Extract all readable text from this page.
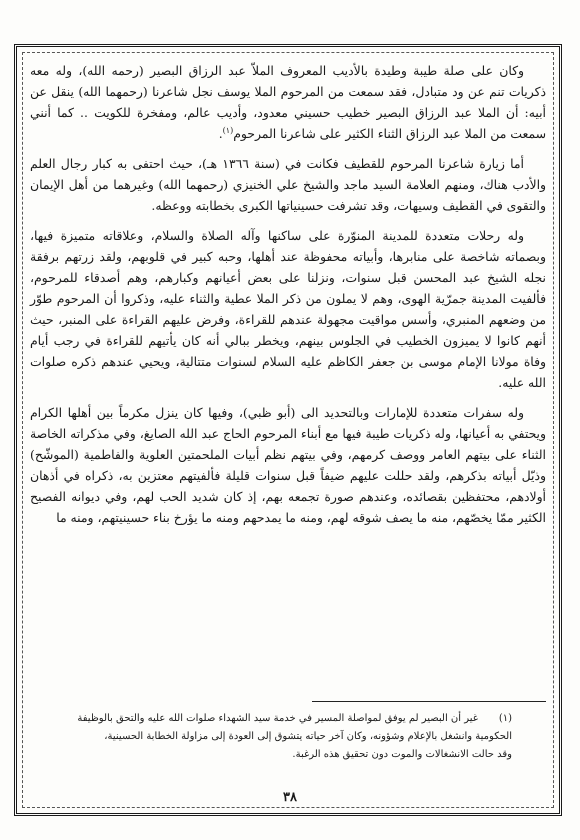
وكان على صلة طيبة وطيدة بالأديب المعروف الملاّ عبد الرزاق البصير (رحمه الله)، وله معه ذكريات تنم عن ود متبادل، فقد سمعت من المرحوم الملا يوسف نجل شاعرنا (رحمهما الله) ينقل عن أبيه: أن الملا عبد الرزاق البصير خطيب حسيني معدود، وأديب عالم، ومفخرة للكويت .. كما أنني سمعت من الملا عبد الرزاق الثناء الكثير على شاعرنا المرحوم$^{(١)}$.

أما زيارة شاعرنا المرحوم للقطيف فكانت في (سنة ١٣٦٦ هـ)، حيث احتفى به كبار رجال العلم والأدب هناك، ومنهم العلامة السيد ماجد والشيخ علي الخنيزي (رحمهما الله) وغيرهما من أهل الإيمان والتقوى في القطيف وسيهات، وقد تشرفت حسينياتها الكبرى بخطابته ووعظه.

وله رحلات متعددة للمدينة المنوّرة على ساكنها وآله الصلاة والسلام، وعلاقاته متميزة فيها، وبصماته شاخصة على منابرها، وأبياته محفوظة عند أهلها، وحبه كبير في قلوبهم، ولقد زرتهم برفقة نجله الشيخ عبد المحسن قبل سنوات، ونزلنا على بعض أعيانهم وكبارهم، وهم أصدقاء للمرحوم، فألفيت المدينة جمرّية الهوى، وهم لا يملون من ذكر الملا عطية والثناء عليه، وذكروا أن المرحوم طوّر من وضعهم المنبري، وأسس مواقيت مجهولة عندهم للقراءة، وفرض عليهم القراءة على المنبر، حيث أنهم كانوا لا يميزون الخطيب في الجلوس بينهم، ويخطر ببالي أنه كان يأتيهم للقراءة في رجب أيام وفاة مولانا الإمام موسى بن جعفر الكاظم عليه السلام لسنوات متتالية، ويحيي عندهم ذكره صلوات الله عليه.

وله سفرات متعددة للإمارات وبالتحديد الى (أبو ظبي)، وفيها كان ينزل مكرماً بين أهلها الكرام ويحتفي به أعيانها، وله ذكريات طيبة فيها مع أبناء المرحوم الحاج عبد الله الصايغ، وفي مذكراته الخاصة الثناء على بيتهم العامر ووصف كرمهم، وفي بيتهم نظم أبيات الملحمتين العلوية والفاطمية (الموشّح) وذيّل أبياته بذكرهم، ولقد حللت عليهم ضيفاً قبل سنوات قليلة فألفيتهم معتزين به، ذكراه في أذهان أولادهم، محتفظين بقصائده، وعندهم صورة تجمعه بهم، إذ كان شديد الحب لهم، وفي ديوانه الفصيح الكثير ممّا يخصّهم، منه ما يصف شوقه لهم، ومنه ما يمدحهم ومنه ما يؤرخ بناء حسينيتهم، ومنه ما

(١)غير أن البصير لم يوفق لمواصلة المسير في خدمة سيد الشهداء صلوات الله عليه والتحق بالوظيفة
الحكومية وانشغل بالإعلام وشؤونه، وكان آخر حياته يتشوق إلى العودة إلى مزاولة الخطابة الحسينية،
وقد حالت الانشغالات والموت دون تحقيق هذه الرغبة.
٣٨
